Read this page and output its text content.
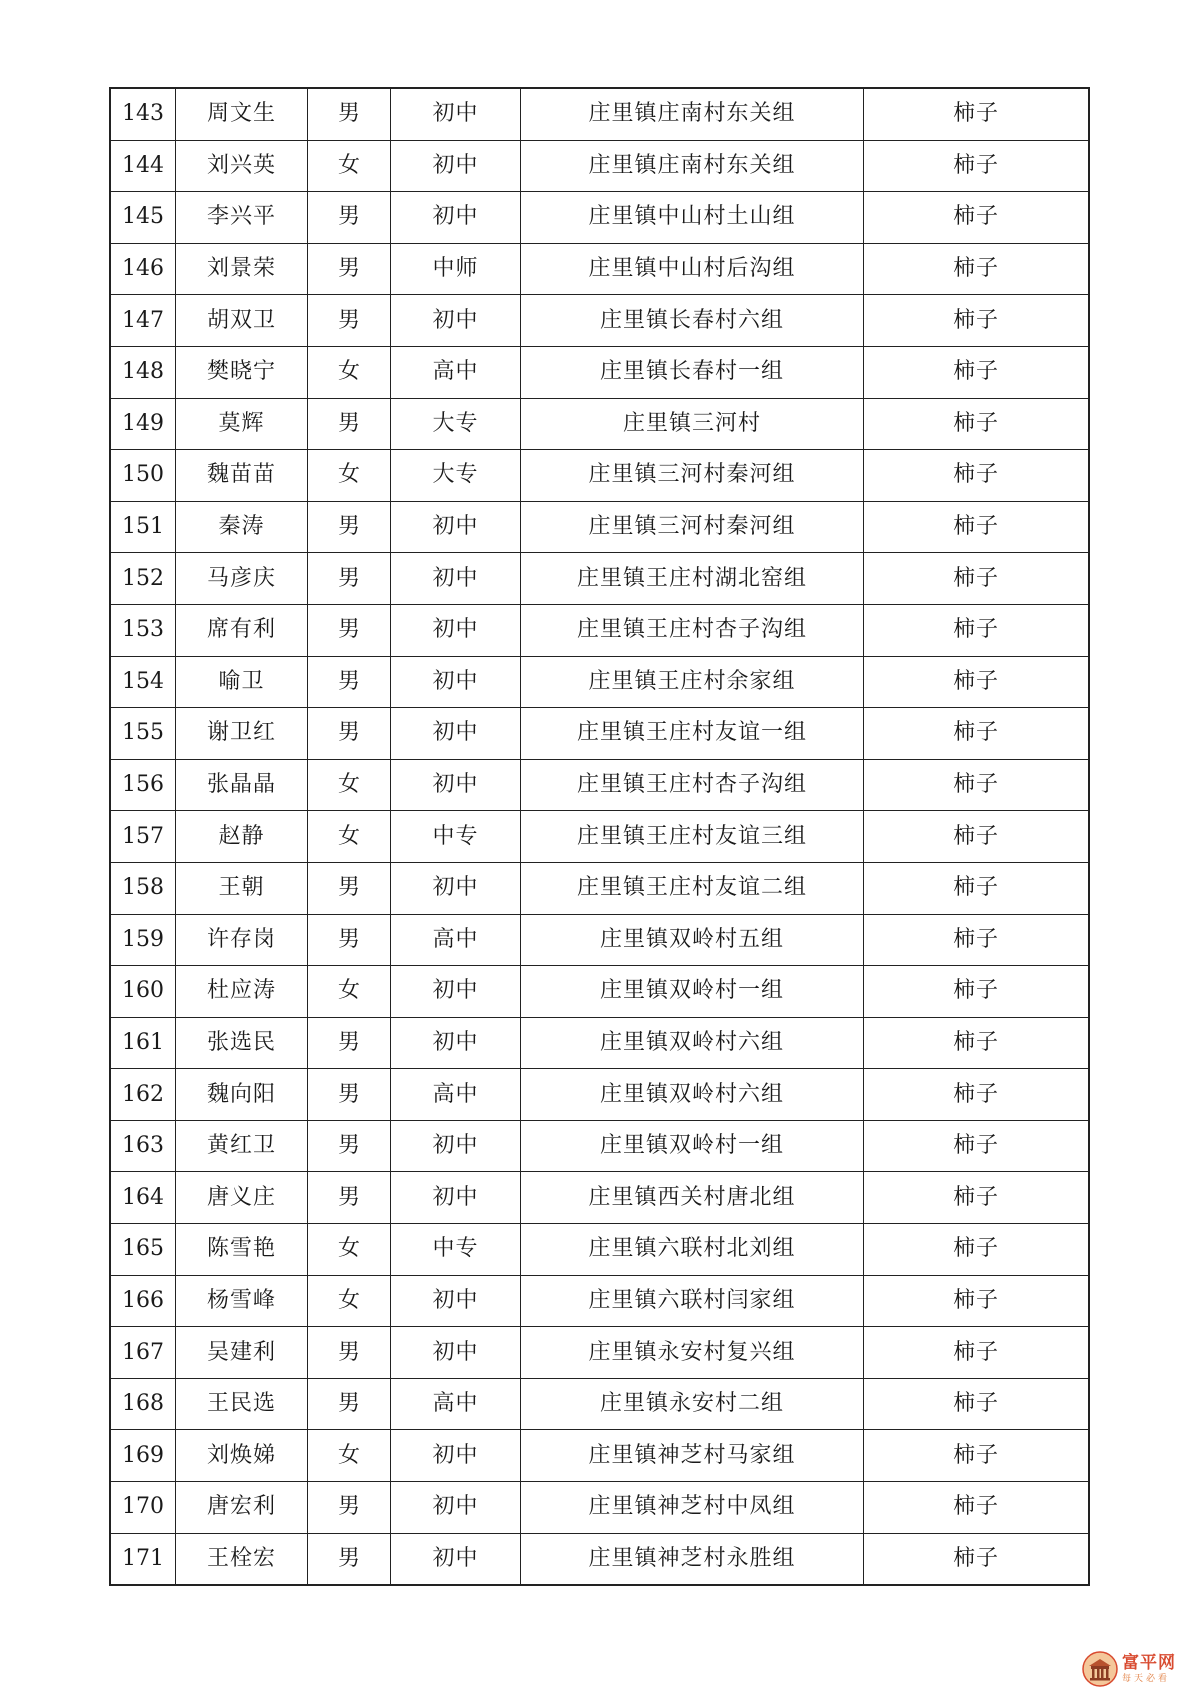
143	周文生	男	初中	庄里镇庄南村东关组	柿子
144	刘兴英	女	初中	庄里镇庄南村东关组	柿子
145	李兴平	男	初中	庄里镇中山村土山组	柿子
146	刘景荣	男	中师	庄里镇中山村后沟组	柿子
147	胡双卫	男	初中	庄里镇长春村六组	柿子
148	樊晓宁	女	高中	庄里镇长春村一组	柿子
149	莫辉	男	大专	庄里镇三河村	柿子
150	魏苗苗	女	大专	庄里镇三河村秦河组	柿子
151	秦涛	男	初中	庄里镇三河村秦河组	柿子
152	马彦庆	男	初中	庄里镇王庄村湖北窑组	柿子
153	席有利	男	初中	庄里镇王庄村杏子沟组	柿子
154	喻卫	男	初中	庄里镇王庄村余家组	柿子
155	谢卫红	男	初中	庄里镇王庄村友谊一组	柿子
156	张晶晶	女	初中	庄里镇王庄村杏子沟组	柿子
157	赵静	女	中专	庄里镇王庄村友谊三组	柿子
158	王朝	男	初中	庄里镇王庄村友谊二组	柿子
159	许存岗	男	高中	庄里镇双岭村五组	柿子
160	杜应涛	女	初中	庄里镇双岭村一组	柿子
161	张选民	男	初中	庄里镇双岭村六组	柿子
162	魏向阳	男	高中	庄里镇双岭村六组	柿子
163	黄红卫	男	初中	庄里镇双岭村一组	柿子
164	唐义庄	男	初中	庄里镇西关村唐北组	柿子
165	陈雪艳	女	中专	庄里镇六联村北刘组	柿子
166	杨雪峰	女	初中	庄里镇六联村闫家组	柿子
167	吴建利	男	初中	庄里镇永安村复兴组	柿子
168	王民选	男	高中	庄里镇永安村二组	柿子
169	刘焕娣	女	初中	庄里镇神芝村马家组	柿子
170	唐宏利	男	初中	庄里镇神芝村中凤组	柿子
171	王栓宏	男	初中	庄里镇神芝村永胜组	柿子
富平网
每天必看
